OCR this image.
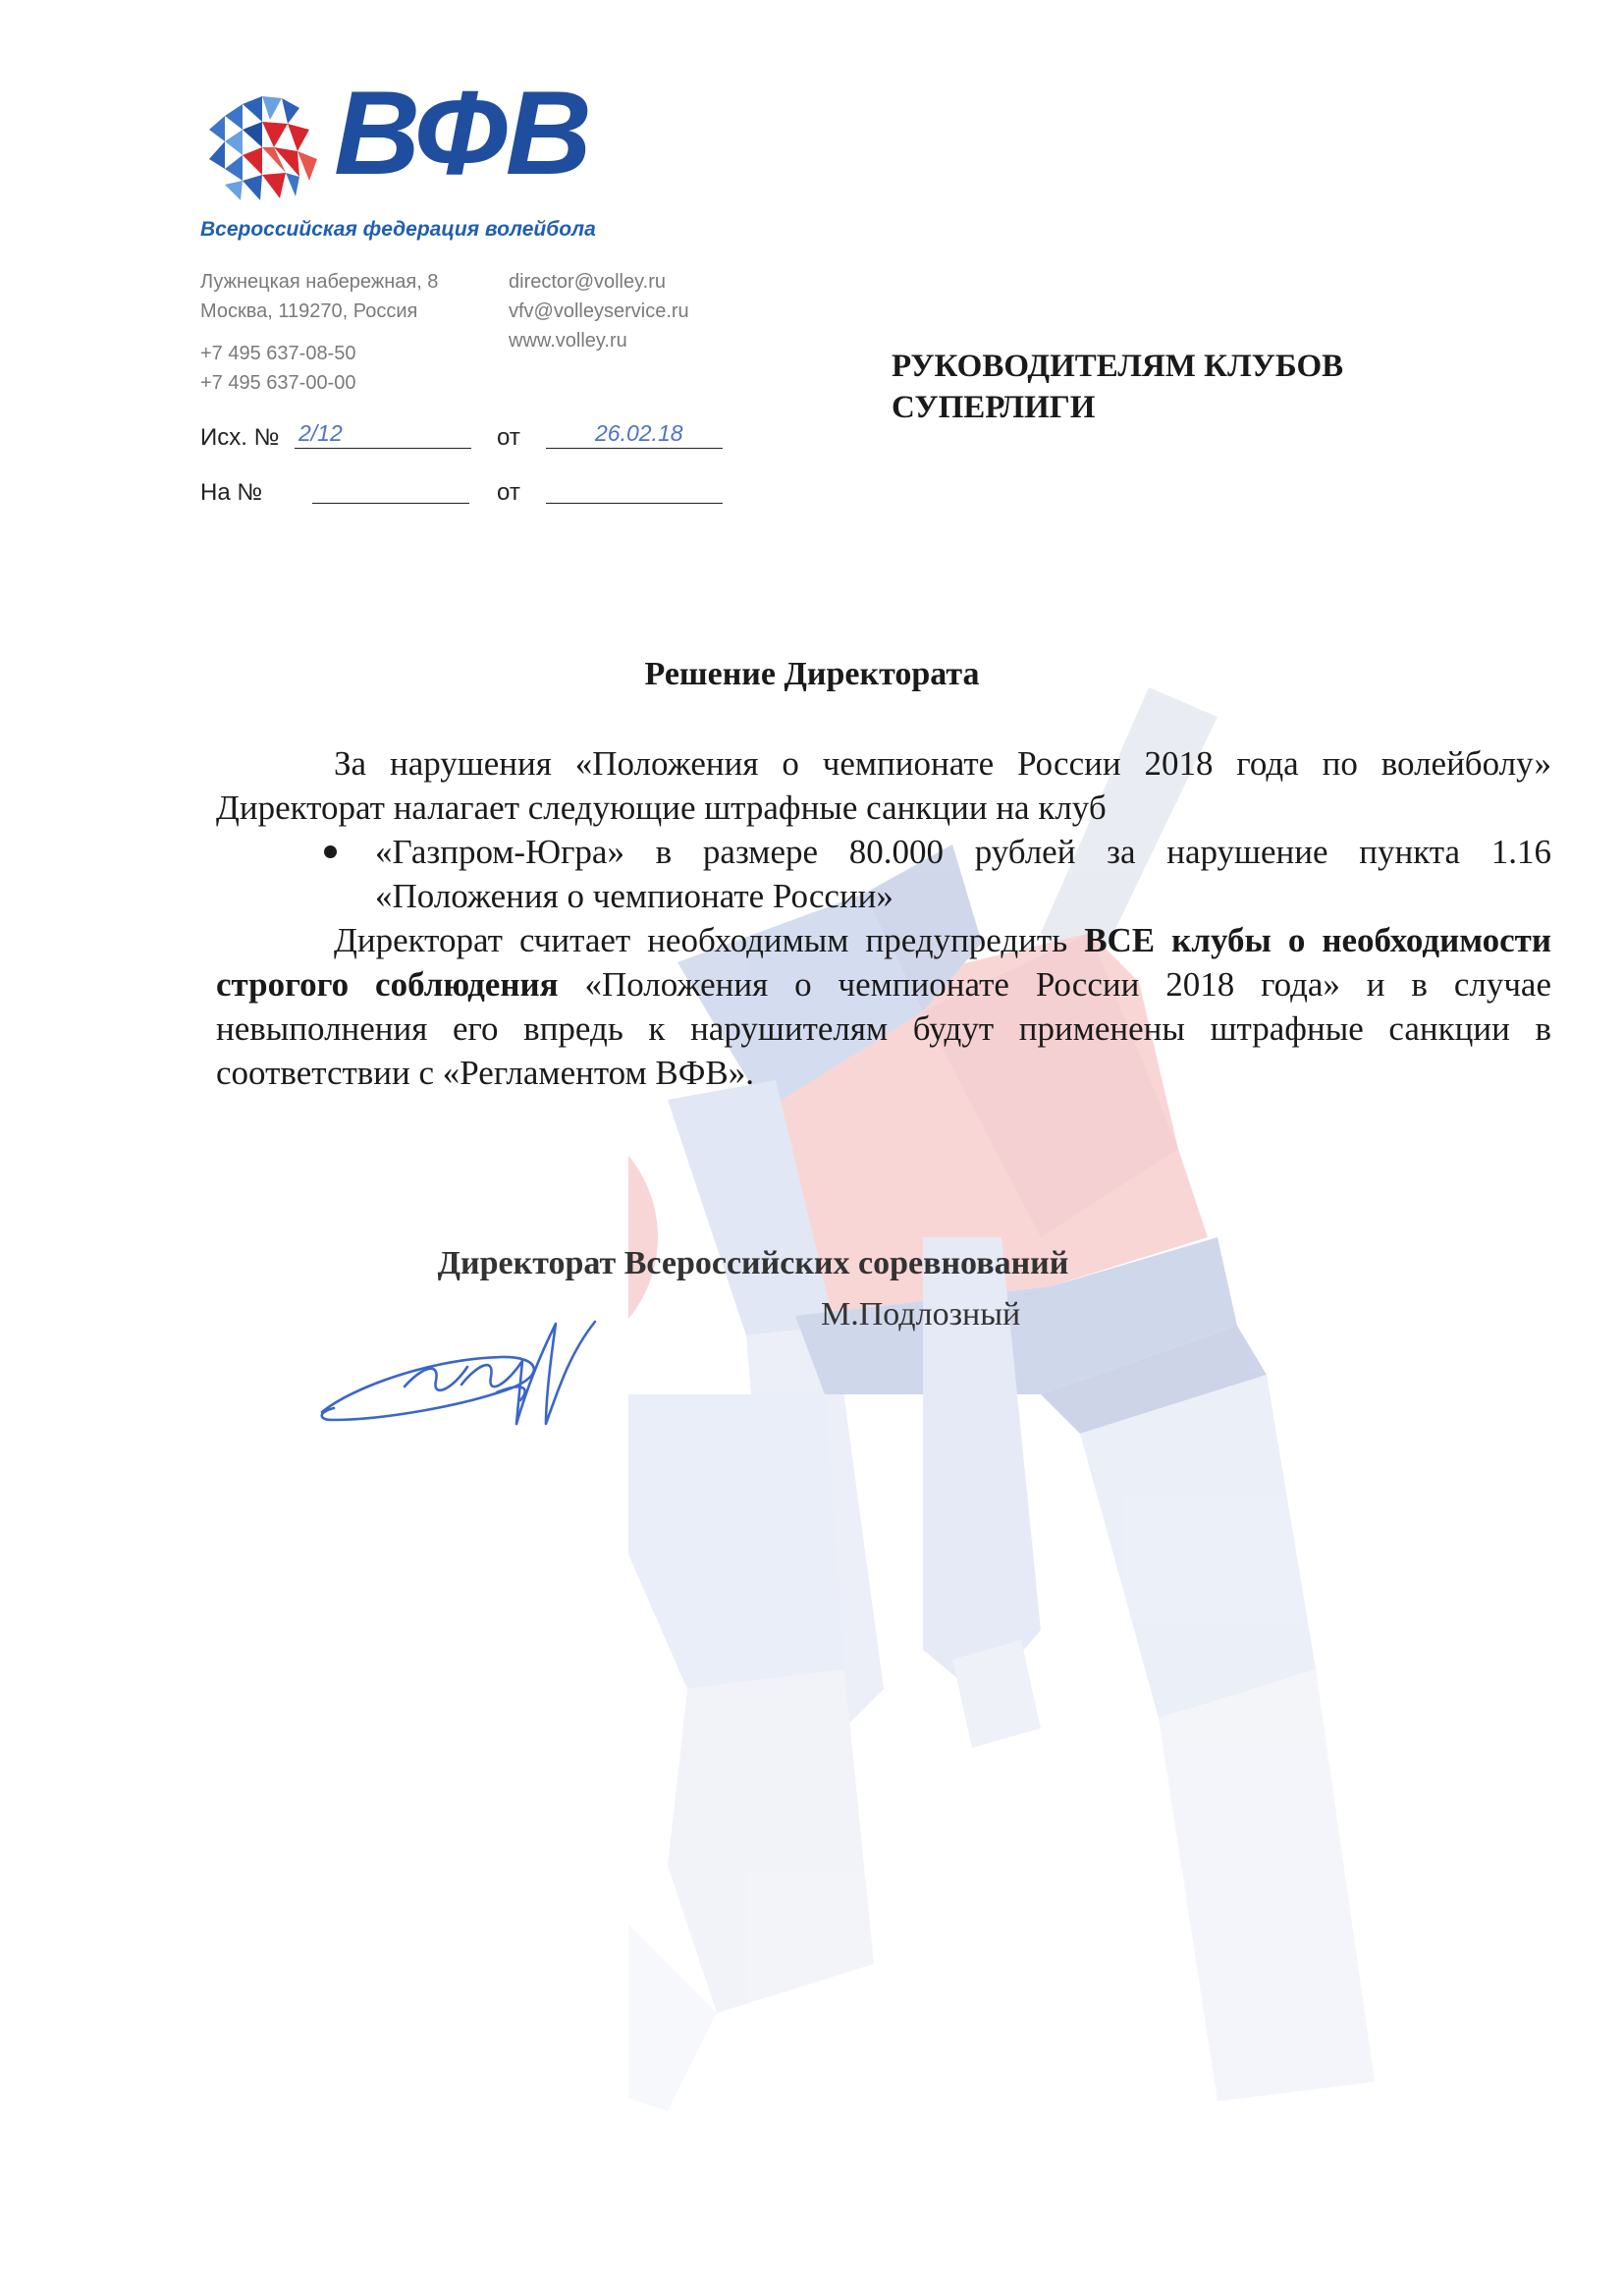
ВФВ
Всероссийская федерация волейбола
Лужнецкая набережная, 8
Москва, 119270, Россия
+7 495 637-08-50
+7 495 637-00-00
director@volley.ru
vfv@volleyservice.ru
www.volley.ru
Исх. № 2/12	от	26.02.18
На №	от
РУКОВОДИТЕЛЯМ КЛУБОВ
СУПЕРЛИГИ
Решение Директората
За нарушения «Положения о чемпионате России 2018 года по волейболу» Директорат налагает следующие штрафные санкции на клуб
«Газпром-Югра» в размере 80.000 рублей за нарушение пункта 1.16 «Положения о чемпионате России»
Директорат считает необходимым предупредить ВСЕ клубы о необходимости строгого соблюдения «Положения о чемпионате России 2018 года» и в случае невыполнения его впредь к нарушителям будут применены штрафные санкции в соответствии с «Регламентом ВФВ».
Директорат Всероссийских соревнований
М.Подлозный
